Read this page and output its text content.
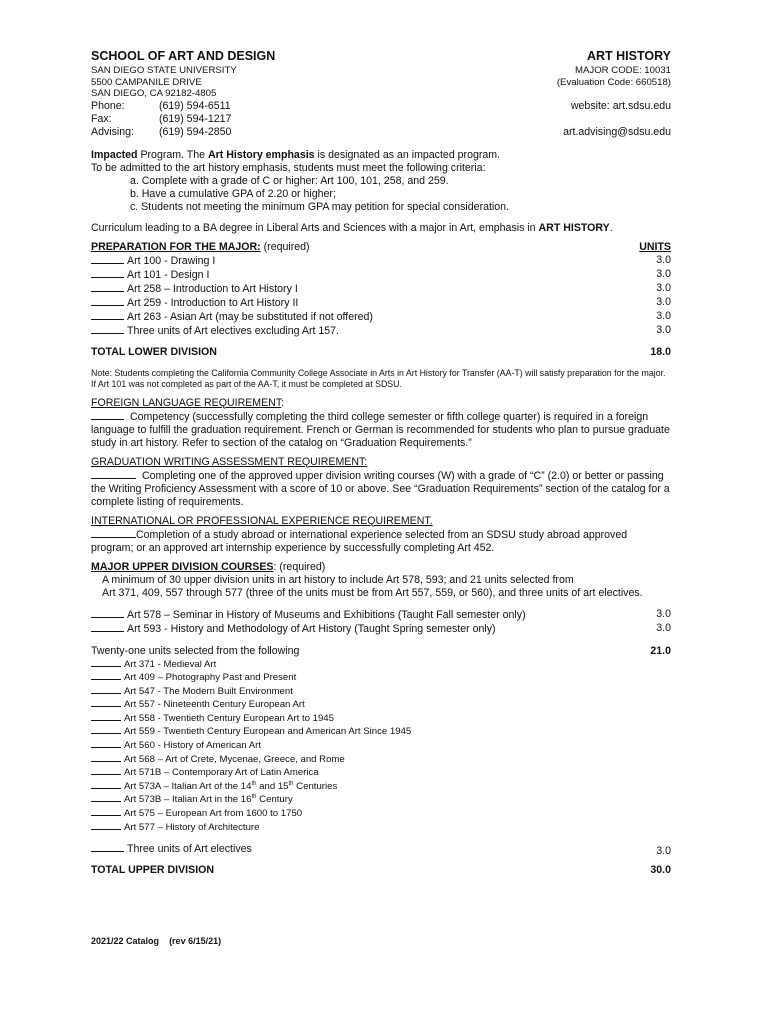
SCHOOL OF ART AND DESIGN	ART HISTORY
SAN DIEGO STATE UNIVERSITY	MAJOR CODE: 10031
5500 CAMPANILE DRIVE	(Evaluation Code: 660518)
SAN DIEGO, CA 92182-4805
Phone:	(619) 594-6511	website: art.sdsu.edu
Fax:	(619) 594-1217
Advising:	(619) 594-2850	art.advising@sdsu.edu
Impacted Program. The Art History emphasis is designated as an impacted program.
To be admitted to the art history emphasis, students must meet the following criteria:
a. Complete with a grade of C or higher: Art 100, 101, 258, and 259.
b. Have a cumulative GPA of 2.20 or higher;
c. Students not meeting the minimum GPA may petition for special consideration.
Curriculum leading to a BA degree in Liberal Arts and Sciences with a major in Art, emphasis in ART HISTORY.
PREPARATION FOR THE MAJOR: (required)	UNITS
Art 100 - Drawing I	3.0
Art 101 - Design I	3.0
Art 258 – Introduction to Art History I	3.0
Art 259 - Introduction to Art History II	3.0
Art 263 - Asian Art (may be substituted if not offered)	3.0
Three units of Art electives excluding Art 157.	3.0
TOTAL LOWER DIVISION	18.0
Note: Students completing the California Community College Associate in Arts in Art History for Transfer (AA-T) will satisfy preparation for the major. If Art 101 was not completed as part of the AA-T, it must be completed at SDSU.
FOREIGN LANGUAGE REQUIREMENT:
Competency (successfully completing the third college semester or fifth college quarter) is required in a foreign language to fulfill the graduation requirement. French or German is recommended for students who plan to pursue graduate study in art history. Refer to section of the catalog on “Graduation Requirements.”
GRADUATION WRITING ASSESSMENT REQUIREMENT:
Completing one of the approved upper division writing courses (W) with a grade of “C” (2.0) or better or passing the Writing Proficiency Assessment with a score of 10 or above. See “Graduation Requirements” section of the catalog for a complete listing of requirements.
INTERNATIONAL OR PROFESSIONAL EXPERIENCE REQUIREMENT.
Completion of a study abroad or international experience selected from an SDSU study abroad approved program; or an approved art internship experience by successfully completing Art 452.
MAJOR UPPER DIVISION COURSES: (required)
A minimum of 30 upper division units in art history to include Art 578, 593; and 21 units selected from
Art 371, 409, 557 through 577 (three of the units must be from Art 557, 559, or 560), and three units of art electives.
Art 578 – Seminar in History of Museums and Exhibitions (Taught Fall semester only)	3.0
Art 593 - History and Methodology of Art History (Taught Spring semester only)	3.0
Twenty-one units selected from the following	21.0
Art 371 - Medieval Art
Art 409 – Photography Past and Present
Art 547 - The Modern Built Environment
Art 557 - Nineteenth Century European Art
Art 558 - Twentieth Century European Art to 1945
Art 559 - Twentieth Century European and American Art Since 1945
Art 560 - History of American Art
Art 568 – Art of Crete, Mycenae, Greece, and Rome
Art 571B – Contemporary Art of Latin America
Art 573A – Italian Art of the 14th and 15th Centuries
Art 573B – Italian Art in the 16th Century
Art 575 – European Art from 1600 to 1750
Art 577 – History of Architecture
Three units of Art electives	3.0
TOTAL UPPER DIVISION	30.0
2021/22 Catalog (rev 6/15/21)
